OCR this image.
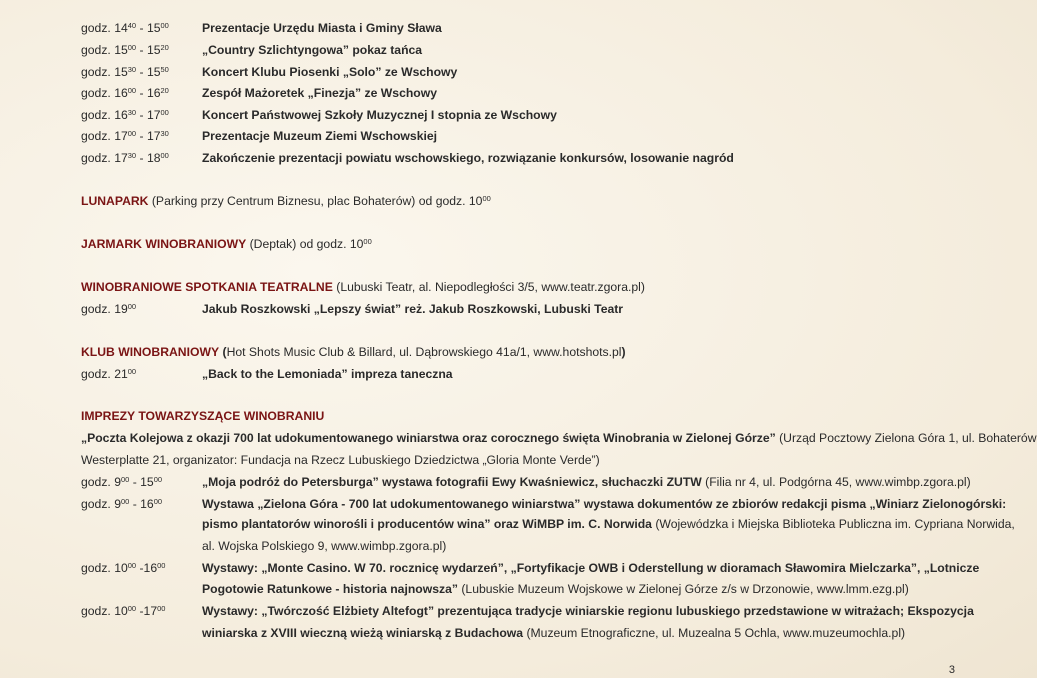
godz. $14^{40} - 15^{00}$	Prezentacje Urzędu Miasta i Gminy Sława
godz. $15^{00} - 15^{20}$	„Country Szlichtyngowa” pokaz tańca
godz. $15^{30} - 15^{50}$	Koncert Klubu Piosenki „Solo” ze Wschowy
godz. $16^{00} - 16^{20}$	Zespół Mażoretek „Finezja” ze Wschowy
godz. $16^{30} - 17^{00}$	Koncert Państwowej Szkoły Muzycznej I stopnia ze Wschowy
godz. $17^{00} - 17^{30}$	Prezentacje Muzeum Ziemi Wschowskiej
godz. $17^{30} - 18^{00}$	Zakończenie prezentacji powiatu wschowskiego, rozwiązanie konkursów, losowanie nagród
LUNAPARK (Parking przy Centrum Biznesu, plac Bohaterów) od godz. $10^{00}$
JARMARK WINOBRANIOWY (Deptak) od godz. $10^{00}$
WINOBRANIOWE SPOTKANIA TEATRALNE (Lubuski Teatr, al. Niepodległości 3/5, www.teatr.zgora.pl)
godz. $19^{00}$	Jakub Roszkowski „Lepszy świat” reż. Jakub Roszkowski, Lubuski Teatr
KLUB WINOBRANIOWY (Hot Shots Music Club & Billard, ul. Dąbrowskiego 41a/1, www.hotshots.pl)
godz. $21^{00}$	„Back to the Lemoniada” impreza taneczna
IMPREZY TOWARZYSZĄCE WINOBRANIU
„Poczta Kolejowa z okazji 700 lat udokumentowanego winiarstwa oraz corocznego święta Winobrania w Zielonej Górze” (Urząd Pocztowy Zielona Góra 1, ul. Bohaterów
Westerplatte 21, organizator: Fundacja na Rzecz Lubuskiego Dziedzictwa „Gloria Monte Verde”)
godz. $9^{00} - 15^{00}$	„Moja podróż do Petersburga” wystawa fotografii Ewy Kwaśniewicz, słuchaczki ZUTW (Filia nr 4, ul. Podgórna 45, www.wimbp.zgora.pl)
godz. $9^{00} - 16^{00}$	Wystawa „Zielona Góra - 700 lat udokumentowanego winiarstwa” wystawa dokumentów ze zbiorów redakcji pisma „Winiarz Zielonogórski:
pismo plantatorów winorośli i producentów wina” oraz WiMBP im. C. Norwida (Wojewódzka i Miejska Biblioteka Publiczna im. Cypriana Norwida,
al. Wojska Polskiego 9, www.wimbp.zgora.pl)
godz. $10^{00}$ $-16^{00}$	Wystawy: „Monte Casino. W 70. rocznicę wydarzeń”, „Fortyfikacje OWB i Oderstellung w dioramach Sławomira Mielczarka”, „Lotnicze
Pogotowie Ratunkowe - historia najnowsza” (Lubuskie Muzeum Wojskowe w Zielonej Górze z/s w Drzonowie, www.lmm.ezg.pl)
godz. $10^{00}$ $-17^{00}$	Wystawy: „Twórczość Elżbiety Altefogt” prezentująca tradycje winiarskie regionu lubuskiego przedstawione w witrażach; Ekspozycja
winiarska z XVIII wieczną wieżą winiarską z Budachowa (Muzeum Etnograficzne, ul. Muzealna 5 Ochla, www.muzeumochla.pl)
3
